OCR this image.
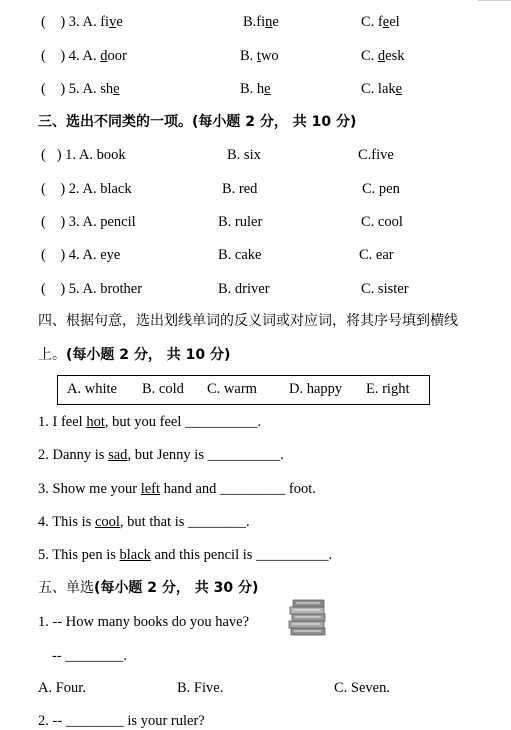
(    ) 3. A. five	B.fine	C. feel
(    ) 4. A. door	B. two	C. desk
(    ) 5. A. she	B. he	C. lake
三、选出不同类的一项。(每小题 2 分， 共 10 分)
(   ) 1. A. book	B. six	C.five
(    ) 2. A. black	B. red	C. pen
(    ) 3. A. pencil	B. ruler	C. cool
(    ) 4. A. eye	B. cake	C. ear
(    ) 5. A. brother	B. driver	C. sister
四、根据句意，选出划线单词的反义词或对应词，将其序号填到横线
上。(每小题 2 分， 共 10 分)
A. white B. cold C. warm D. happy E. right
1. I feel hot, but you feel __________.
2. Danny is sad, but Jenny is __________.
3. Show me your left hand and _________ foot.
4. This is cool, but that is ________.
5. This pen is black and this pencil is __________.
五、单选(每小题 2 分， 共 30 分)
1. -- How many books do you have?
-- ________.
A. Four.	B. Five.	C. Seven.
2. -- ________ is your ruler?
